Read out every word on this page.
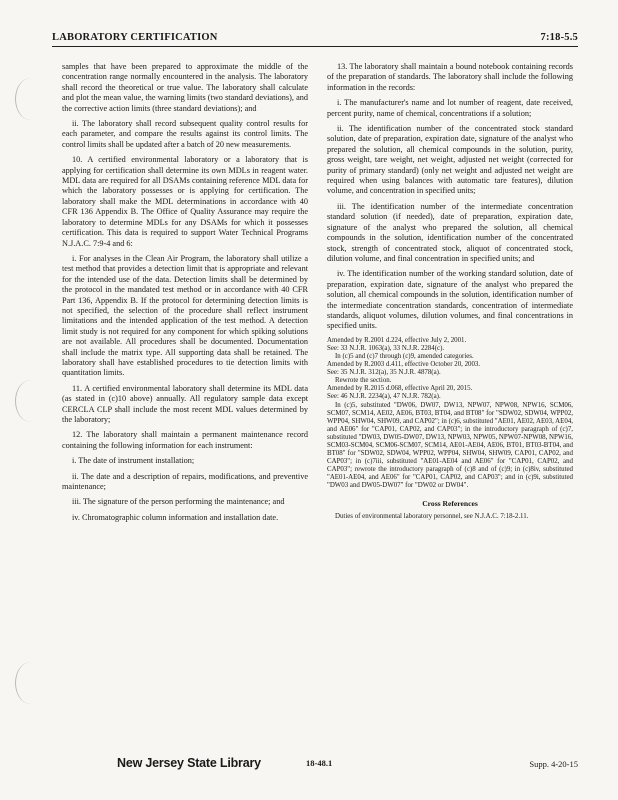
LABORATORY CERTIFICATION	7:18-5.5

samples that have been prepared to approximate the middle of the concentration range normally encountered in the analysis. The laboratory shall record the theoretical or true value. The laboratory shall calculate and plot the mean value, the warning limits (two standard deviations), and the corrective action limits (three standard deviations); and

ii. The laboratory shall record subsequent quality control results for each parameter, and compare the results against its control limits. The control limits shall be updated after a batch of 20 new measurements.

10. A certified environmental laboratory or a laboratory that is applying for certification shall determine its own MDLs in reagent water. MDL data are required for all DSAMs containing reference MDL data for which the laboratory possesses or is applying for certification. The laboratory shall make the MDL determinations in accordance with 40 CFR 136 Appendix B. The Office of Quality Assurance may require the laboratory to determine MDLs for any DSAMs for which it possesses certification. This data is required to support Water Technical Programs N.J.A.C. 7:9-4 and 6:

i. For analyses in the Clean Air Program, the laboratory shall utilize a test method that provides a detection limit that is appropriate and relevant for the intended use of the data. Detection limits shall be determined by the protocol in the mandated test method or in accordance with 40 CFR Part 136, Appendix B. If the protocol for determining detection limits is not specified, the selection of the procedure shall reflect instrument limitations and the intended application of the test method. A detection limit study is not required for any component for which spiking solutions are not available. All procedures shall be documented. Documentation shall include the matrix type. All supporting data shall be retained. The laboratory shall have established procedures to tie detection limits with quantitation limits.

11. A certified environmental laboratory shall determine its MDL data (as stated in (c)10 above) annually. All regulatory sample data except CERCLA CLP shall include the most recent MDL values determined by the laboratory;

12. The laboratory shall maintain a permanent maintenance record containing the following information for each instrument:

i. The date of instrument installation;

ii. The date and a description of repairs, modifications, and preventive maintenance;

iii. The signature of the person performing the maintenance; and

iv. Chromatographic column information and installation date.

13. The laboratory shall maintain a bound notebook containing records of the preparation of standards. The laboratory shall include the following information in the records:

i. The manufacturer's name and lot number of reagent, date received, percent purity, name of chemical, concentrations if a solution;

ii. The identification number of the concentrated stock standard solution, date of preparation, expiration date, signature of the analyst who prepared the solution, all chemical compounds in the solution, purity, gross weight, tare weight, net weight, adjusted net weight (corrected for purity of primary standard) (only net weight and adjusted net weight are required when using balances with automatic tare features), dilution volume, and concentration in specified units;

iii. The identification number of the intermediate concentration standard solution (if needed), date of preparation, expiration date, signature of the analyst who prepared the solution, all chemical compounds in the solution, identification number of the concentrated stock, strength of concentrated stock, aliquot of concentrated stock, dilution volume, and final concentration in specified units; and

iv. The identification number of the working standard solution, date of preparation, expiration date, signature of the analyst who prepared the solution, all chemical compounds in the solution, identification number of the intermediate concentration standards, concentration of intermediate standards, aliquot volumes, dilution volumes, and final concentrations in specified units.

Amended by R.2001 d.224, effective July 2, 2001.

See: 33 N.J.R. 1063(a), 33 N.J.R. 2284(c).

In (c)5 and (c)7 through (c)9, amended categories.

Amended by R.2003 d.411, effective October 20, 2003.

See: 35 N.J.R. 312(a), 35 N.J.R. 4878(a).

Rewrote the section.

Amended by R.2015 d.068, effective April 20, 2015.

See: 46 N.J.R. 2234(a), 47 N.J.R. 782(a).

In (c)5, substituted "DW06, DW07, DW13, NPW07, NPW08, NPW16, SCM06, SCM07, SCM14, AE02, AE06, BT03, BT04, and BT08" for "SDW02, SDW04, WPP02, WPP04, SHW04, SHW09, and CAP02"; in (c)6, substituted "AE01, AE02, AE03, AE04, and AE06" for "CAP01, CAP02, and CAP03"; in the introductory paragraph of (c)7, substituted "DW03, DW05-DW07, DW13, NPW03, NPW05, NPW07-NPW08, NPW16, SCM03-SCM04, SCM06-SCM07, SCM14, AE01-AE04, AE06, BT01, BT03-BT04, and BT08" for "SDW02, SDW04, WPP02, WPP04, SHW04, SHW09, CAP01, CAP02, and CAP03"; in (c)7iii, substituted "AE01-AE04 and AE06" for "CAP01, CAP02, and CAP03"; rewrote the introductory paragraph of (c)8 and of (c)9; in (c)8iv, substituted "AE01-AE04, and AE06" for "CAP01, CAP02, and CAP03"; and in (c)9i, substituted "DW03 and DW05-DW07" for "DW02 or DW04".

Cross References
Duties of environmental laboratory personnel, see N.J.A.C. 7:18-2.11.
New Jersey State Library	18-48.1	Supp. 4-20-15
